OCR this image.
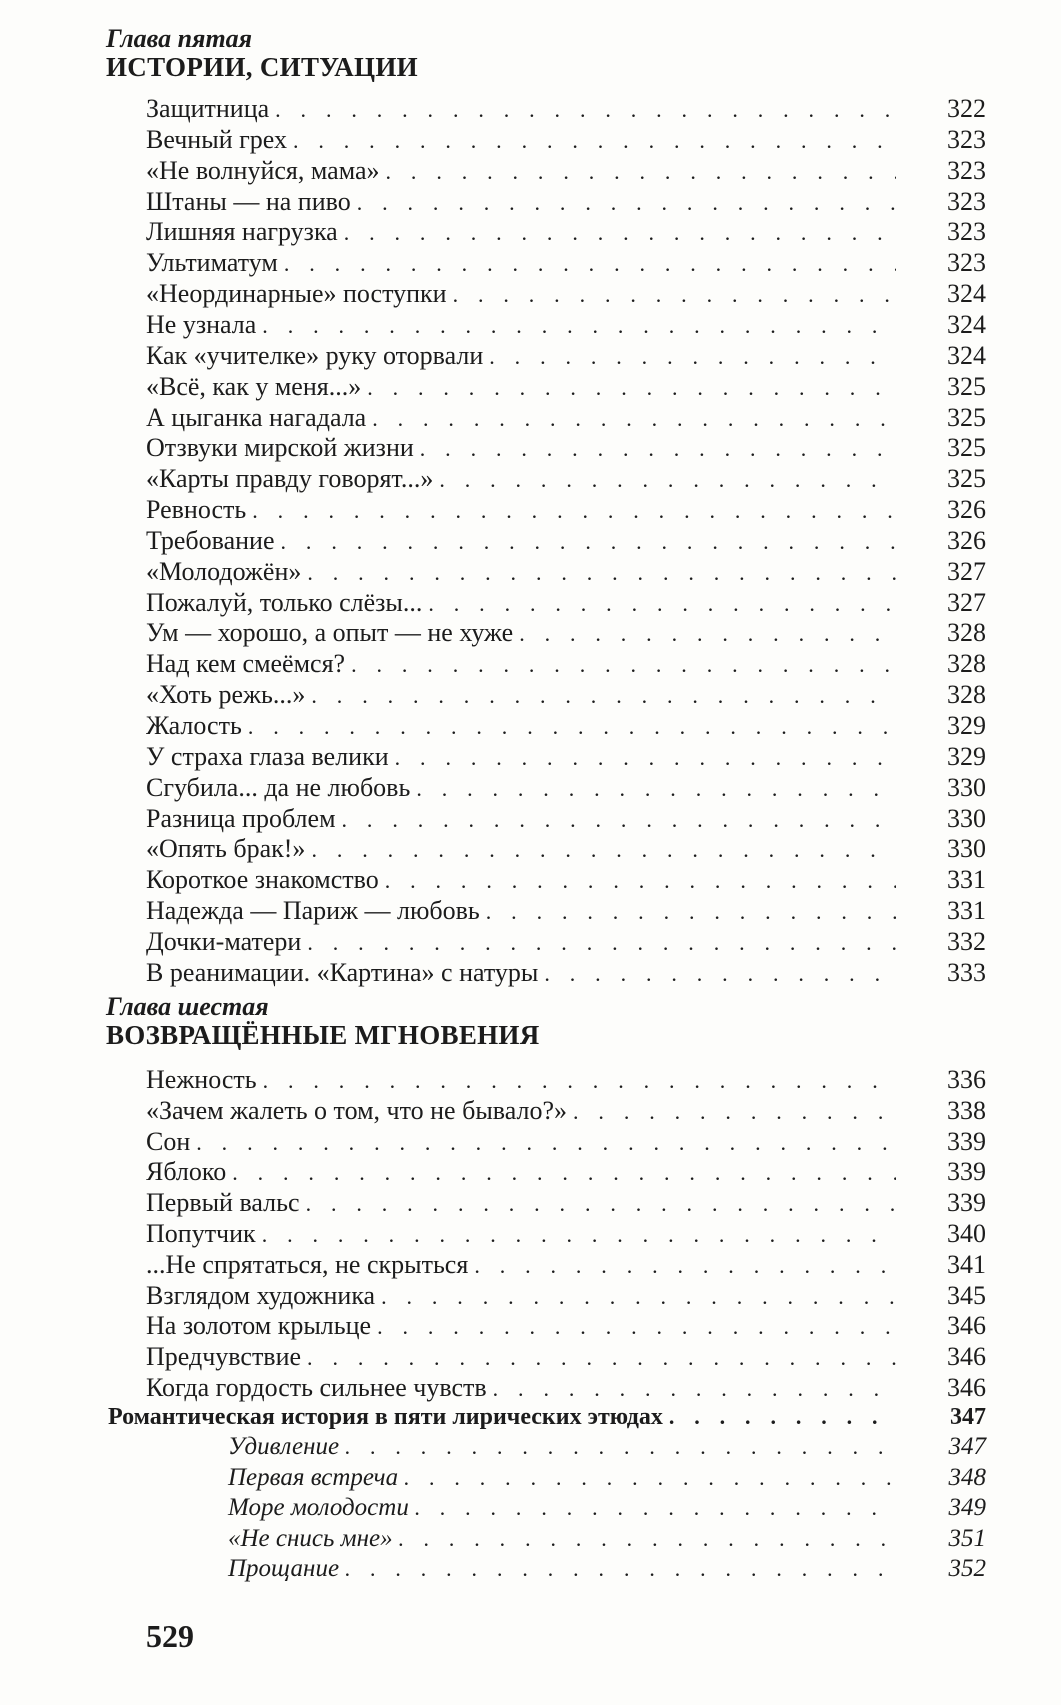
Глава пятая
ИСТОРИИ, СИТУАЦИИ
Защитница . . .	322
Вечный грех . . .	323
«Не волнуйся, мама» . . .	323
Штаны — на пиво . . .	323
Лишняя нагрузка . . .	323
Ультиматум . . .	323
«Неординарные» поступки . . .	324
Не узнала . . .	324
Как «учителке» руку оторвали . . .	324
«Всё, как у меня...» . . .	325
А цыганка нагадала . . .	325
Отзвуки мирской жизни . . .	325
«Карты правду говорят...» . . .	325
Ревность . . .	326
Требование . . .	326
«Молодожён» . . .	327
Пожалуй, только слёзы... . . .	327
Ум — хорошо, а опыт — не хуже . . .	328
Над кем смеёмся? . . .	328
«Хоть режь...» . . .	328
Жалость . . .	329
У страха глаза велики . . .	329
Сгубила... да не любовь . . .	330
Разница проблем . . .	330
«Опять брак!» . . .	330
Короткое знакомство . . .	331
Надежда — Париж — любовь . . .	331
Дочки-матери . . .	332
В реанимации. «Картина» с натуры . . .	333
Глава шестая
ВОЗВРАЩЁННЫЕ МГНОВЕНИЯ
Нежность . . .	336
«Зачем жалеть о том, что не бывало?» . . .	338
Сон . . .	339
Яблоко . . .	339
Первый вальс . . .	339
Попутчик . . .	340
...Не спрятаться, не скрыться . . .	341
Взглядом художника . . .	345
На золотом крыльце . . .	346
Предчувствие . . .	346
Когда гордость сильнее чувств . . .	346
Романтическая история в пяти лирических этюдах . . .	347
Удивление . . .	347
Первая встреча . . .	348
Море молодости . . .	349
«Не снись мне» . . .	351
Прощание . . .	352
529
